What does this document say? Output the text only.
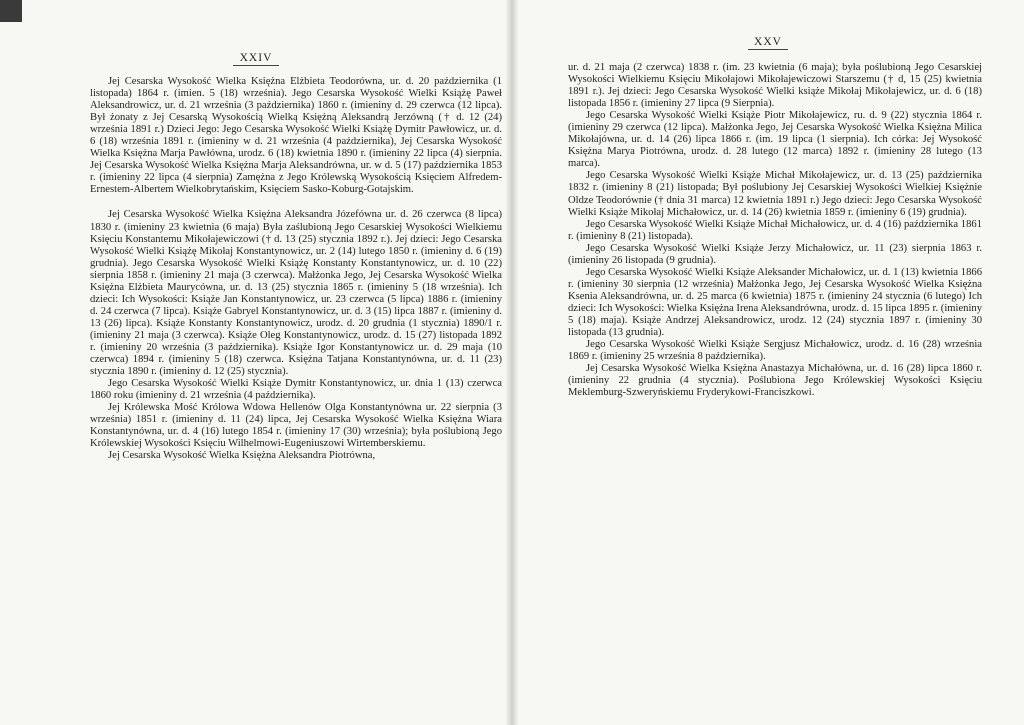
XXIV

Jej Cesarska Wysokość Wielka Księżna Elżbieta Teodorówna, ur. d. 20 października (1 listopada) 1864 r. (imien. 5 (18) września). Jego Cesarska Wysokość Wielki Książę Paweł Aleksandrowicz, ur. d. 21 września (3 października) 1860 r. (imieniny d. 29 czerwca (12 lipca). Był żonaty z Jej Cesarską Wysokością Wielką Księżną Aleksandrą Jerzówną († d. 12 (24) września 1891 r.) Dzieci Jego: Jego Cesarska Wysokość Wielki Książę Dymitr Pawłowicz, ur. d. 6 (18) września 1891 r. (imieniny w d. 21 września (4 października), Jej Cesarska Wysokość Wielka Księżna Marja Pawłówna, urodz. 6 (18) kwietnia 1890 r. (imieniny 22 lipca (4) sierpnia. Jej Cesarska Wysokość Wielka Księżna Marja Aleksandrówna, ur. w d. 5 (17) października 1853 r. (imieniny 22 lipca (4 sierpnia) Zamężna z Jego Królewską Wysokością Księciem Alfredem-Ernestem-Albertem Wielkobrytańskim, Księciem Sasko-Koburg-Gotajskim.

Jej Cesarska Wysokość Wielka Księżna Aleksandra Józefówna ur. d. 26 czerwca (8 lipca) 1830 r. (imieniny 23 kwietnia (6 maja) Była zaślubioną Jego Cesarskiej Wysokości Wielkiemu Księciu Konstantemu Mikołajewiczowi († d. 13 (25) stycznia 1892 r.). Jej dzieci: Jego Cesarska Wysokość Wielki Książę Mikołaj Konstantynowicz, ur. 2 (14) lutego 1850 r. (imieniny d. 6 (19) grudnia). Jego Cesarska Wysokość Wielki Książę Konstanty Konstantynowicz, ur. d. 10 (22) sierpnia 1858 r. (imieniny 21 maja (3 czerwca). Małżonka Jego, Jej Cesarska Wysokość Wielka Księżna Elżbieta Maurycówna, ur. d. 13 (25) stycznia 1865 r. (imieniny 5 (18 września). Ich dzieci: Ich Wysokości: Książe Jan Konstantynowicz, ur. 23 czerwca (5 lipca) 1886 r. (imieniny d. 24 czerwca (7 lipca). Książe Gabryel Konstantynowicz, ur. d. 3 (15) lipca 1887 r. (imieniny d. 13 (26) lipca). Książe Konstanty Konstantynowicz, urodz. d. 20 grudnia (1 stycznia) 1890/1 r. (imieniny 21 maja (3 czerwca). Książe Oleg Konstantynowicz, urodz. d. 15 (27) listopada 1892 r. (imieniny 20 września (3 października). Książe Igor Konstantynowicz ur. d. 29 maja (10 czerwca) 1894 r. (imieniny 5 (18) czerwca. Księżna Tatjana Konstantynówna, ur. d. 11 (23) stycznia 1890 r. (imieniny d. 12 (25) stycznia).

Jego Cesarska Wysokość Wielki Książe Dymitr Konstantynowicz, ur. dnia 1 (13) czerwca 1860 roku (imieniny d. 21 września (4 października).

Jej Królewska Mość Królowa Wdowa Hellenów Olga Konstantynówna ur. 22 sierpnia (3 września) 1851 r. (imieniny d. 11 (24) lipca, Jej Cesarska Wysokość Wielka Księżna Wiara Konstantynówna, ur. d. 4 (16) lutego 1854 r. (imieniny 17 (30) września); była poślubioną Jego Królewskiej Wysokości Księciu Wilhelmowi-Eugeniuszowi Wirtemberskiemu.

Jej Cesarska Wysokość Wielka Księżna Aleksandra Piotrówna,

XXV

ur. d. 21 maja (2 czerwca) 1838 r. (im. 23 kwietnia (6 maja); była poślubioną Jego Cesarskiej Wysokości Wielkiemu Księciu Mikołajowi Mikołajewiczowi Starszemu († d, 15 (25) kwietnia 1891 r.). Jej dzieci: Jego Cesarska Wysokość Wielki książe Mikołaj Mikołajewicz, ur. d. 6 (18) listopada 1856 r. (imieniny 27 lipca (9 Sierpnia).

Jego Cesarska Wysokość Wielki Książe Piotr Mikołajewicz, ru. d. 9 (22) stycznia 1864 r. (imieniny 29 czerwca (12 lipca). Małżonka Jego, Jej Cesarska Wysokość Wielka Księżna Milica Mikołajówna, ur. d. 14 (26) lipca 1866 r. (im. 19 lipca (1 sierpnia). Ich córka: Jej Wysokość Księżna Marya Piotrówna, urodz. d. 28 lutego (12 marca) 1892 r. (imieniny 28 lutego (13 marca).

Jego Cesarska Wysokość Wielki Książe Michał Mikołajewicz, ur. d. 13 (25) października 1832 r. (imieniny 8 (21) listopada; Był poślubiony Jej Cesarskiej Wysokości Wielkiej Księżnie Oldze Teodorównie († dnia 31 marca) 12 kwietnia 1891 r.) Jego dzieci: Jego Cesarska Wysokość Wielki Książe Mikołaj Michałowicz, ur. d. 14 (26) kwietnia 1859 r. (imieniny 6 (19) grudnia).

Jego Cesarska Wysokość Wielki Książe Michał Michałowicz, ur. d. 4 (16) października 1861 r. (imieniny 8 (21) listopada).

Jego Cesarska Wysokość Wielki Książe Jerzy Michałowicz, ur. 11 (23) sierpnia 1863 r. (imieniny 26 listopada (9 grudnia).

Jego Cesarska Wysokość Wielki Książe Aleksander Michałowicz, ur. d. 1 (13) kwietnia 1866 r. (imieniny 30 sierpnia (12 września) Małżonka Jego, Jej Cesarska Wysokość Wielka Księżna Ksenia Aleksandrówna, ur. d. 25 marca (6 kwietnia) 1875 r. (imieniny 24 stycznia (6 lutego) Ich dzieci: Ich Wysokości: Wielka Księżna Irena Aleksandrówna, urodz. d. 15 lipca 1895 r. (imieniny 5 (18) maja). Książe Andrzej Aleksandrowicz, urodz. 12 (24) stycznia 1897 r. (imieniny 30 listopada (13 grudnia).

Jego Cesarska Wysokość Wielki Książe Sergjusz Michałowicz, urodz. d. 16 (28) września 1869 r. (imieniny 25 września 8 października).

Jej Cesarska Wysokość Wielka Księżna Anastazya Michałówna, ur. d. 16 (28) lipca 1860 r. (imieniny 22 grudnia (4 stycznia). Poślubiona Jego Królewskiej Wysokości Księciu Meklemburg-Szweryńskiemu Fryderykowi-Franciszkowi.
